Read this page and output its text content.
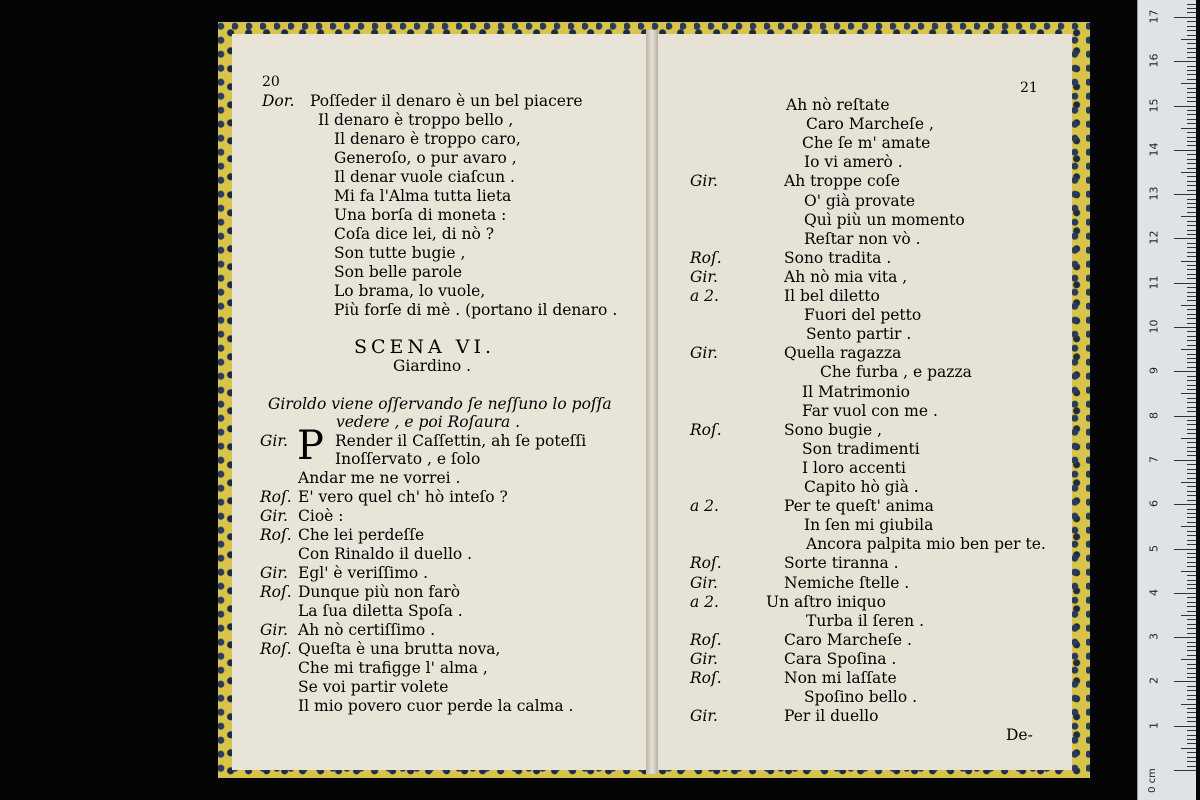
20
Dor. Poſſeder il denaro è un bel piacere
Il denaro è troppo bello ,
Il denaro è troppo caro,
Generoſo, o pur avaro ,
Il denar vuole ciaſcun .
Mi fa l'Alma tutta lieta
Una borſa di moneta :
Coſa dice lei, di nò ?
Son tutte bugie ,
Son belle parole
Lo brama, lo vuole,
Più forſe di mè . (portano il denaro .
SCENA VI.
Giardino .
Giroldo viene oſſervando ſe neſſuno lo poſſa
vedere , e poi Roſaura .
Gir. P Render il Caſſettin, ah ſe poteſſi
Inoſſervato , e ſolo
Andar me ne vorrei .
Roſ. E' vero quel ch' hò inteſo ?
Gir. Cioè :
Roſ. Che lei perdeſſe
Con Rinaldo il duello .
Gir. Egl' è veriſſimo .
Roſ. Dunque più non farò
La ſua diletta Spoſa .
Gir. Ah nò certiſſimo .
Roſ. Queſta è una brutta nova,
Che mi trafigge l' alma ,
Se voi partir volete
Il mio povero cuor perde la calma .
21
Ah nò reſtate
Caro Marcheſe ,
Che ſe m' amate
Io vi amerò .
Gir.	Ah troppe coſe
O' già provate
Quì più un momento
Reſtar non vò .
Roſ.	Sono tradita .
Gir.	Ah nò mia vita ,
a 2.	Il bel diletto
Fuori del petto
Sento partir .
Gir.	Quella ragazza
Che furba , e pazza
Il Matrimonio
Far vuol con me .
Roſ.	Sono bugie ,
Son tradimenti
I loro accenti
Capito hò già .
a 2.	Per te queſt' anima
In ſen mi giubila
Ancora palpita mio ben per te.
Roſ.	Sorte tiranna .
Gir.	Nemiche ſtelle .
a 2.	Un aſtro iniquo
Turba il ſeren .
Roſ.	Caro Marcheſe .
Gir.	Cara Spoſina .
Roſ.	Non mi laſſate
Spoſino bello .
Gir.	Per il duello
De-
1
2
3
4
5
6
7
8
9
10
11
12
13
14
15
16
17
0 cm
